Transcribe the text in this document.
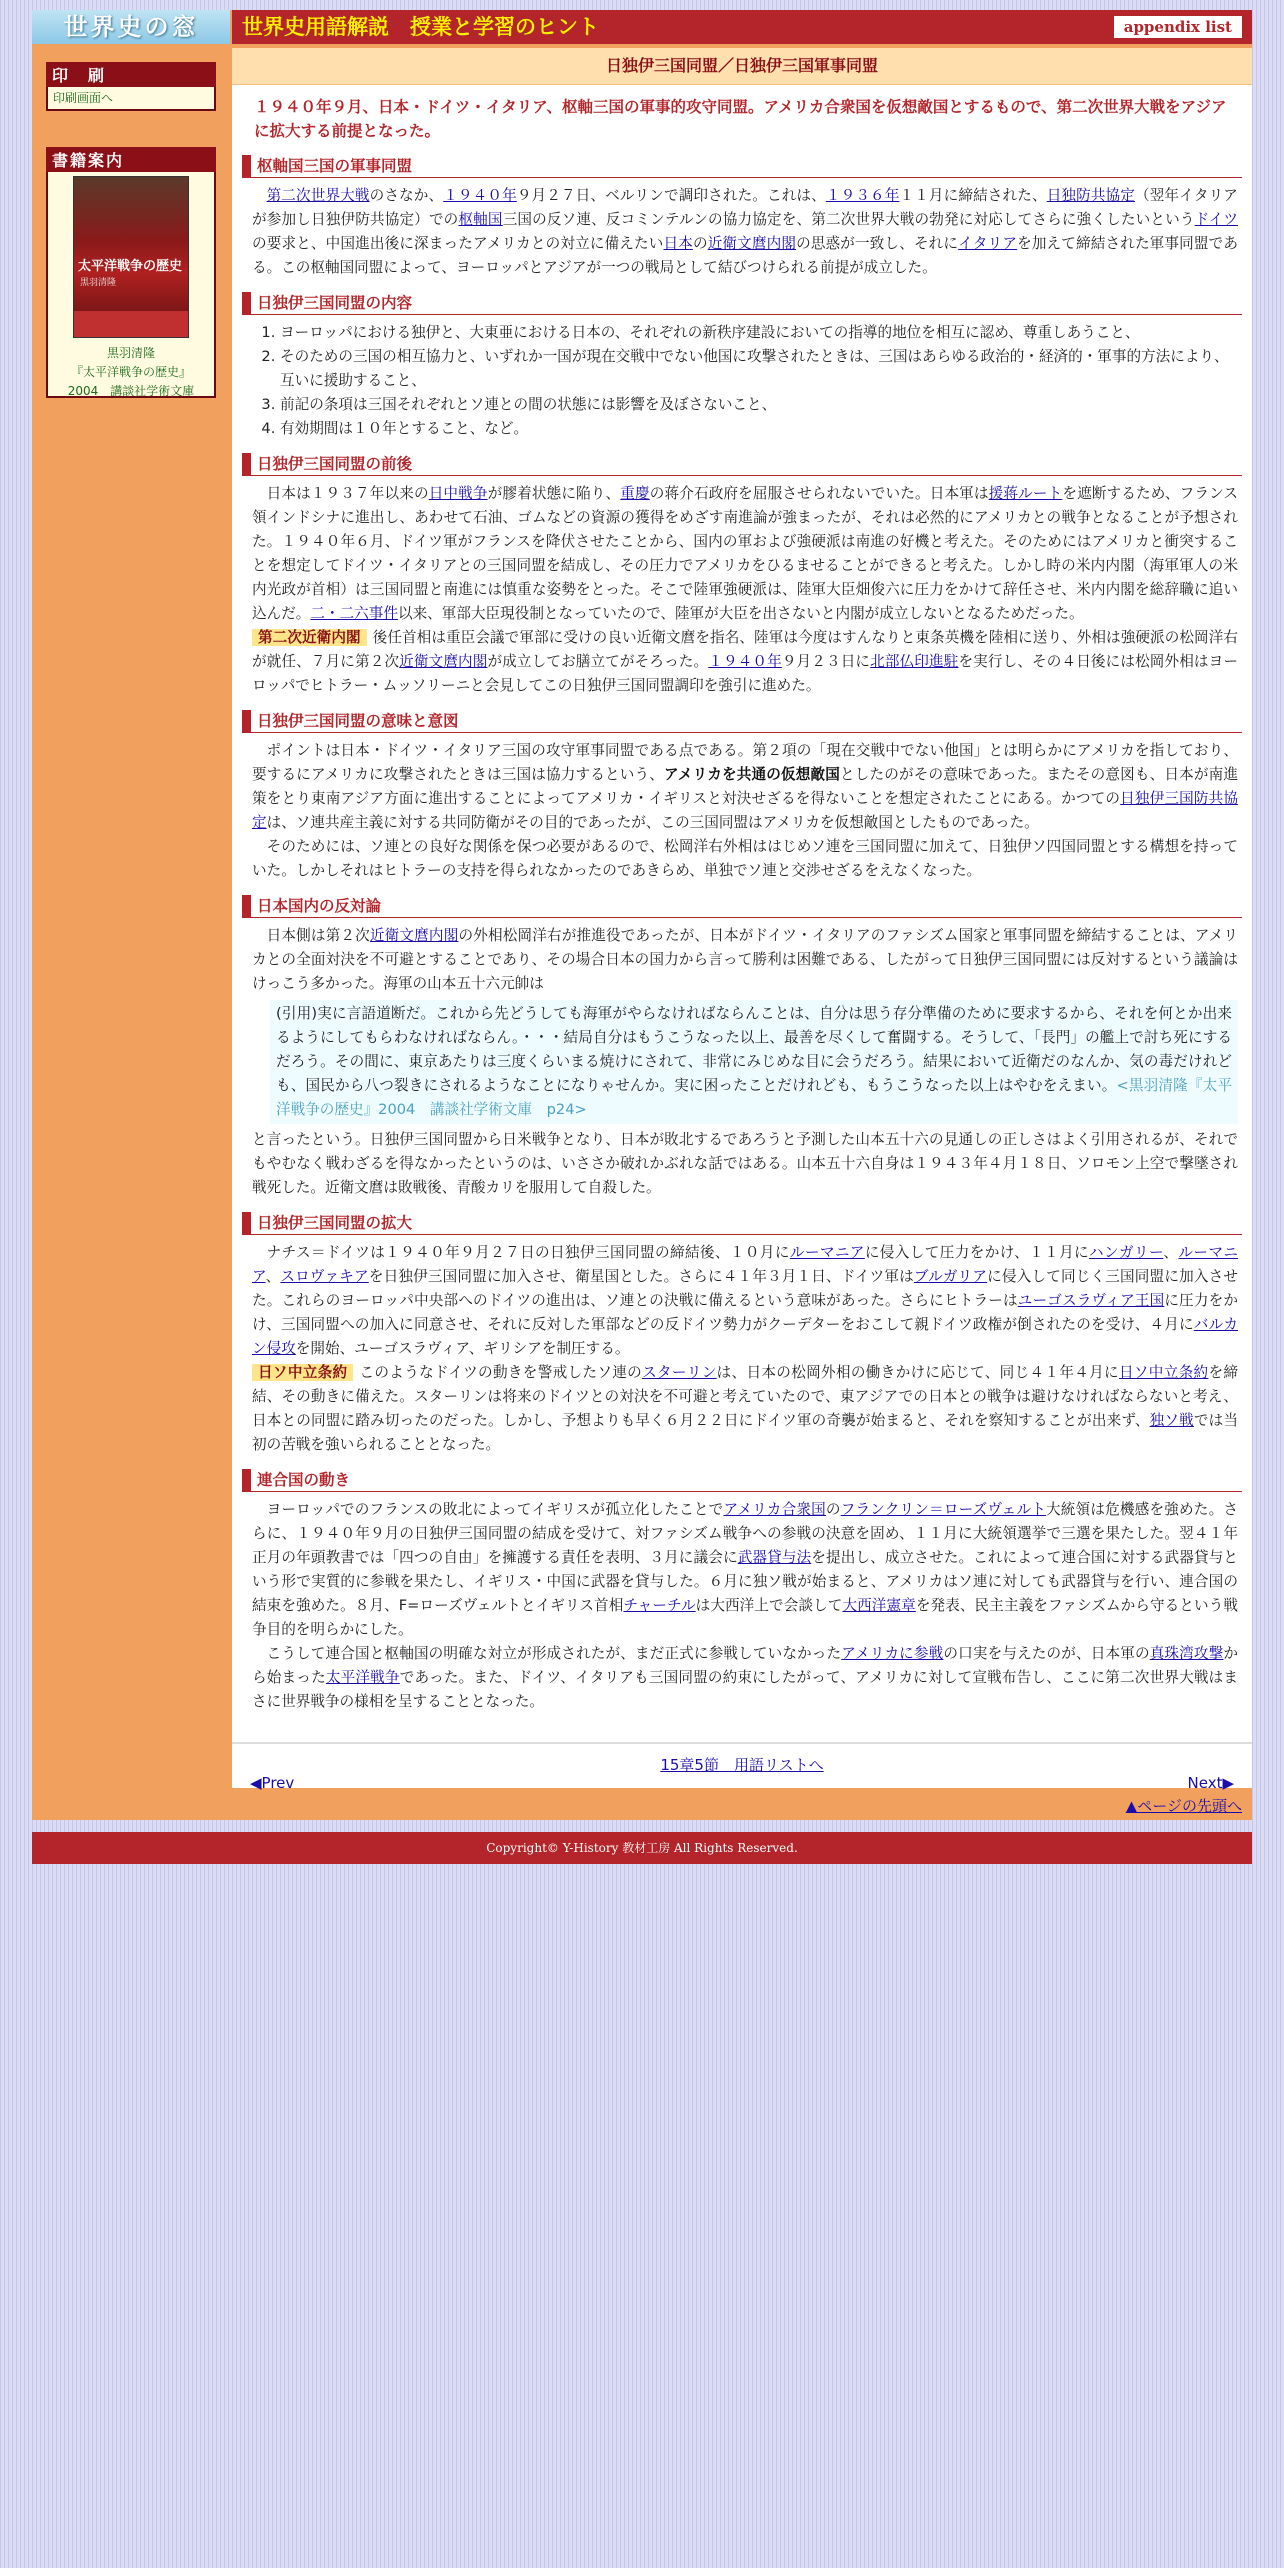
世界史の窓	世界史用語解説　授業と学習のヒント	appendix list
印　刷
印刷画面へ
書籍案内
太平洋戦争の歴史
黒羽清隆
黒羽清隆
『太平洋戦争の歴史』
2004　講談社学術文庫
日独伊三国同盟／日独伊三国軍事同盟
１９４０年９月、日本・ドイツ・イタリア、枢軸三国の軍事的攻守同盟。アメリカ合衆国を仮想敵国とするもので、第二次世界大戦をアジアに拡大する前提となった。
枢軸国三国の軍事同盟
第二次世界大戦のさなか、１９４０年９月２７日、ベルリンで調印された。これは、１９３６年１１月に締結された、日独防共協定（翌年イタリアが参加し日独伊防共協定）での枢軸国三国の反ソ連、反コミンテルンの協力協定を、第二次世界大戦の勃発に対応してさらに強くしたいというドイツの要求と、中国進出後に深まったアメリカとの対立に備えたい日本の近衛文麿内閣の思惑が一致し、それにイタリアを加えて締結された軍事同盟である。この枢軸国同盟によって、ヨーロッパとアジアが一つの戦局として結びつけられる前提が成立した。
日独伊三国同盟の内容
1. ヨーロッパにおける独伊と、大東亜における日本の、それぞれの新秩序建設においての指導的地位を相互に認め、尊重しあうこと、
2. そのための三国の相互協力と、いずれか一国が現在交戦中でない他国に攻撃されたときは、三国はあらゆる政治的・経済的・軍事的方法により、互いに援助すること、
3. 前記の条項は三国それぞれとソ連との間の状態には影響を及ぼさないこと、
4. 有効期間は１０年とすること、など。
日独伊三国同盟の前後
日本は１９３７年以来の日中戦争が膠着状態に陥り、重慶の蒋介石政府を屈服させられないでいた。日本軍は援蒋ルートを遮断するため、フランス領インドシナに進出し、あわせて石油、ゴムなどの資源の獲得をめざす南進論が強まったが、それは必然的にアメリカとの戦争となることが予想された。１９４０年６月、ドイツ軍がフランスを降伏させたことから、国内の軍および強硬派は南進の好機と考えた。そのためにはアメリカと衝突することを想定してドイツ・イタリアとの三国同盟を結成し、その圧力でアメリカをひるませることができると考えた。しかし時の米内内閣（海軍軍人の米内光政が首相）は三国同盟と南進には慎重な姿勢をとった。そこで陸軍強硬派は、陸軍大臣畑俊六に圧力をかけて辞任させ、米内内閣を総辞職に追い込んだ。二・二六事件以来、軍部大臣現役制となっていたので、陸軍が大臣を出さないと内閣が成立しないとなるためだった。
第二次近衛内閣 後任首相は重臣会議で軍部に受けの良い近衛文麿を指名、陸軍は今度はすんなりと東条英機を陸相に送り、外相は強硬派の松岡洋右が就任、７月に第２次近衛文麿内閣が成立してお膳立てがそろった。１９４０年９月２３日に北部仏印進駐を実行し、その４日後には松岡外相はヨーロッパでヒトラー・ムッソリーニと会見してこの日独伊三国同盟調印を強引に進めた。
日独伊三国同盟の意味と意図
ポイントは日本・ドイツ・イタリア三国の攻守軍事同盟である点である。第２項の「現在交戦中でない他国」とは明らかにアメリカを指しており、要するにアメリカに攻撃されたときは三国は協力するという、アメリカを共通の仮想敵国としたのがその意味であった。またその意図も、日本が南進策をとり東南アジア方面に進出することによってアメリカ・イギリスと対決せざるを得ないことを想定されたことにある。かつての日独伊三国防共協定は、ソ連共産主義に対する共同防衛がその目的であったが、この三国同盟はアメリカを仮想敵国としたものであった。
そのためには、ソ連との良好な関係を保つ必要があるので、松岡洋右外相ははじめソ連を三国同盟に加えて、日独伊ソ四国同盟とする構想を持っていた。しかしそれはヒトラーの支持を得られなかったのであきらめ、単独でソ連と交渉せざるをえなくなった。
日本国内の反対論
日本側は第２次近衛文麿内閣の外相松岡洋右が推進役であったが、日本がドイツ・イタリアのファシズム国家と軍事同盟を締結することは、アメリカとの全面対決を不可避とすることであり、その場合日本の国力から言って勝利は困難である、したがって日独伊三国同盟には反対するという議論はけっこう多かった。海軍の山本五十六元帥は
(引用)実に言語道断だ。これから先どうしても海軍がやらなければならんことは、自分は思う存分準備のために要求するから、それを何とか出来るようにしてもらわなければならん。・・・結局自分はもうこうなった以上、最善を尽くして奮闘する。そうして、「長門」の艦上で討ち死にするだろう。その間に、東京あたりは三度くらいまる焼けにされて、非常にみじめな目に会うだろう。結果において近衛だのなんか、気の毒だけれども、国民から八つ裂きにされるようなことになりゃせんか。実に困ったことだけれども、もうこうなった以上はやむをえまい。<黒羽清隆『太平洋戦争の歴史』2004　講談社学術文庫　p24>
と言ったという。日独伊三国同盟から日米戦争となり、日本が敗北するであろうと予測した山本五十六の見通しの正しさはよく引用されるが、それでもやむなく戦わざるを得なかったというのは、いささか破れかぶれな話ではある。山本五十六自身は１９４３年４月１８日、ソロモン上空で撃墜され戦死した。近衛文麿は敗戦後、青酸カリを服用して自殺した。
日独伊三国同盟の拡大
ナチス＝ドイツは１９４０年９月２７日の日独伊三国同盟の締結後、１０月にルーマニアに侵入して圧力をかけ、１１月にハンガリー、ルーマニア、スロヴァキアを日独伊三国同盟に加入させ、衛星国とした。さらに４１年３月１日、ドイツ軍はブルガリアに侵入して同じく三国同盟に加入させた。これらのヨーロッパ中央部へのドイツの進出は、ソ連との決戦に備えるという意味があった。さらにヒトラーはユーゴスラヴィア王国に圧力をかけ、三国同盟への加入に同意させ、それに反対した軍部などの反ドイツ勢力がクーデターをおこして親ドイツ政権が倒されたのを受け、４月にバルカン侵攻を開始、ユーゴスラヴィア、ギリシアを制圧する。
日ソ中立条約 このようなドイツの動きを警戒したソ連のスターリンは、日本の松岡外相の働きかけに応じて、同じ４１年４月に日ソ中立条約を締結、その動きに備えた。スターリンは将来のドイツとの対決を不可避と考えていたので、東アジアでの日本との戦争は避けなければならないと考え、日本との同盟に踏み切ったのだった。しかし、予想よりも早く６月２２日にドイツ軍の奇襲が始まると、それを察知することが出来ず、独ソ戦では当初の苦戦を強いられることとなった。
連合国の動き
ヨーロッパでのフランスの敗北によってイギリスが孤立化したことでアメリカ合衆国のフランクリン＝ローズヴェルト大統領は危機感を強めた。さらに、１９４０年９月の日独伊三国同盟の結成を受けて、対ファシズム戦争への参戦の決意を固め、１１月に大統領選挙で三選を果たした。翌４１年正月の年頭教書では「四つの自由」を擁護する責任を表明、３月に議会に武器貸与法を提出し、成立させた。これによって連合国に対する武器貸与という形で実質的に参戦を果たし、イギリス・中国に武器を貸与した。６月に独ソ戦が始まると、アメリカはソ連に対しても武器貸与を行い、連合国の結束を強めた。８月、F=ローズヴェルトとイギリス首相チャーチルは大西洋上で会談して大西洋憲章を発表、民主主義をファシズムから守るという戦争目的を明らかにした。
こうして連合国と枢軸国の明確な対立が形成されたが、まだ正式に参戦していなかったアメリカに参戦の口実を与えたのが、日本軍の真珠湾攻撃から始まった太平洋戦争であった。また、ドイツ、イタリアも三国同盟の約束にしたがって、アメリカに対して宣戦布告し、ここに第二次世界大戦はまさに世界戦争の様相を呈することとなった。
15章5節　用語リストへ
◀Prev	Next▶
▲ページの先頭へ
Copyright© Y-History 教材工房 All Rights Reserved.
